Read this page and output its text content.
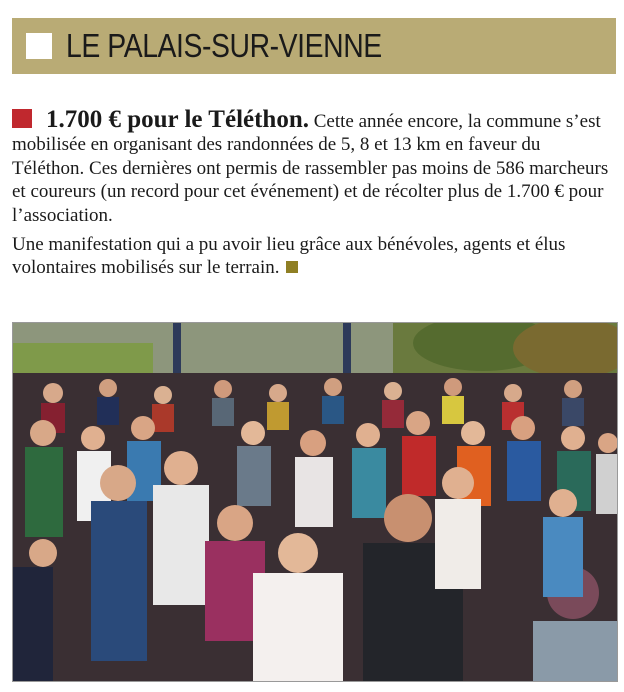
LE PALAIS-SUR-VIENNE

1.700 € pour le Téléthon. Cette année encore, la commune s’est mobilisée en organisant des randonnées de 5, 8 et 13 km en faveur du Téléthon. Ces dernières ont permis de rassembler pas moins de 586 marcheurs et coureurs (un record pour cet événement) et de récolter plus de 1.700 € pour l’association.

Une manifestation qui a pu avoir lieu grâce aux bénévoles, agents et élus volontaires mobilisés sur le terrain.
